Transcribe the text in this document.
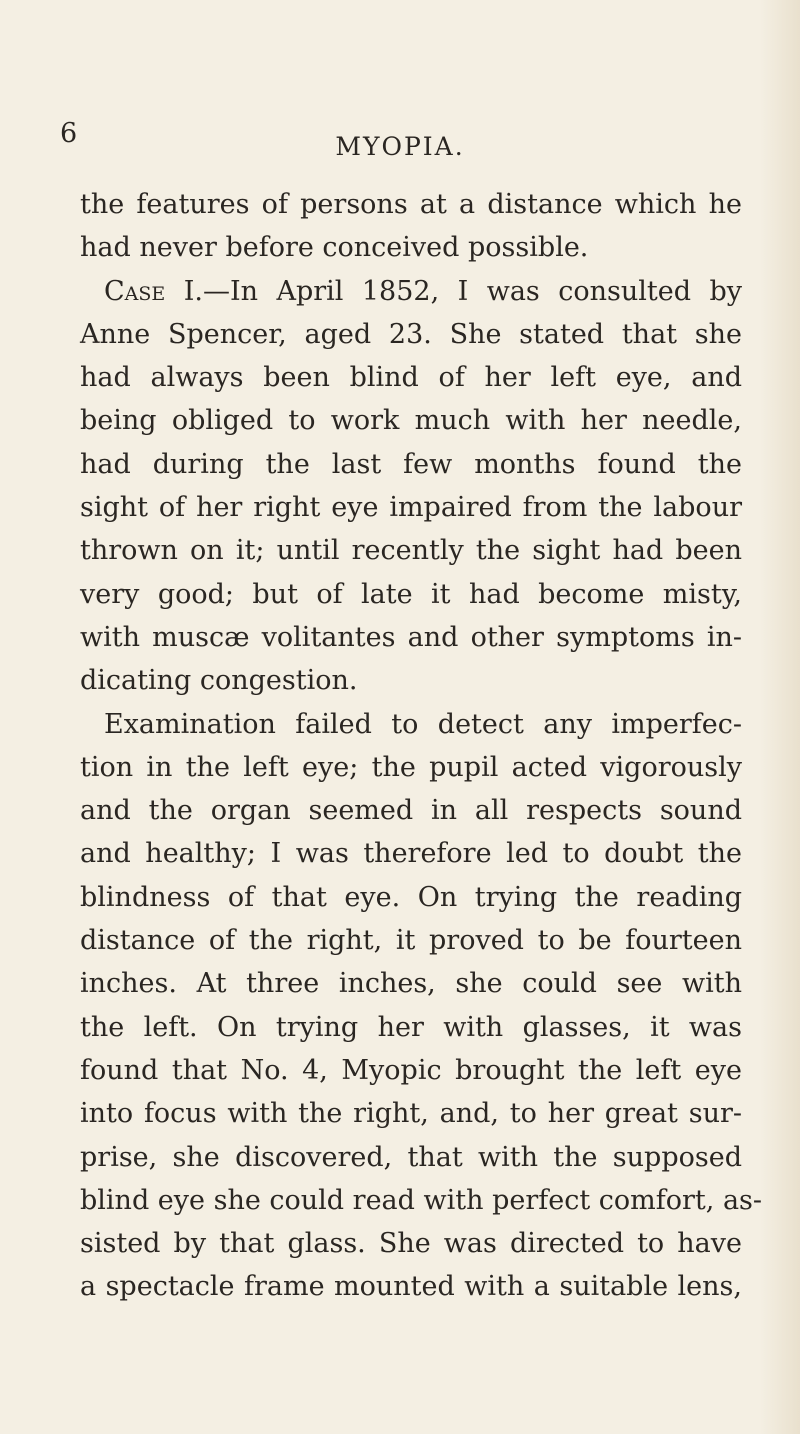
6	MYOPIA.
the features of persons at a distance which he
had never before conceived possible.
Case I.—In April 1852, I was consulted by
Anne Spencer, aged 23. She stated that she
had always been blind of her left eye, and
being obliged to work much with her needle,
had during the last few months found the
sight of her right eye impaired from the labour
thrown on it; until recently the sight had been
very good; but of late it had become misty,
with muscæ volitantes and other symptoms in-
dicating congestion.
Examination failed to detect any imperfec-
tion in the left eye; the pupil acted vigorously
and the organ seemed in all respects sound
and healthy; I was therefore led to doubt the
blindness of that eye. On trying the reading
distance of the right, it proved to be fourteen
inches. At three inches, she could see with
the left. On trying her with glasses, it was
found that No. 4, Myopic brought the left eye
into focus with the right, and, to her great sur-
prise, she discovered, that with the supposed
blind eye she could read with perfect comfort, as-
sisted by that glass. She was directed to have
a spectacle frame mounted with a suitable lens,
